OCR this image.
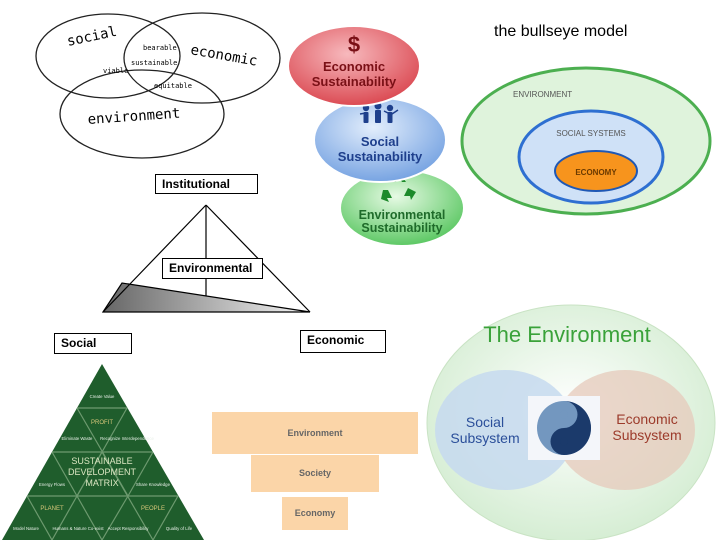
social
economic
environment
bearable
sustainable
viable
equitable
Environmental
Sustainability
Social
Sustainability
$
Economic
Sustainability
the bullseye model
ENVIRONMENT
SOCIAL SYSTEMS
ECONOMY
Institutional
Environmental
Social	Economic
Create Value
Eliminate Waste Recognize Interdependence
Energy Flows	Share Knowledge
Model Nature	Humans & Nature Co-exist Accept Responsibility	Quality of Life
PROFIT
PLANET	PEOPLE
SUSTAINABLE
DEVELOPMENT
MATRIX
Environment
Society
Economy
The Environment
Social
Subsystem
Economic
Subsystem
